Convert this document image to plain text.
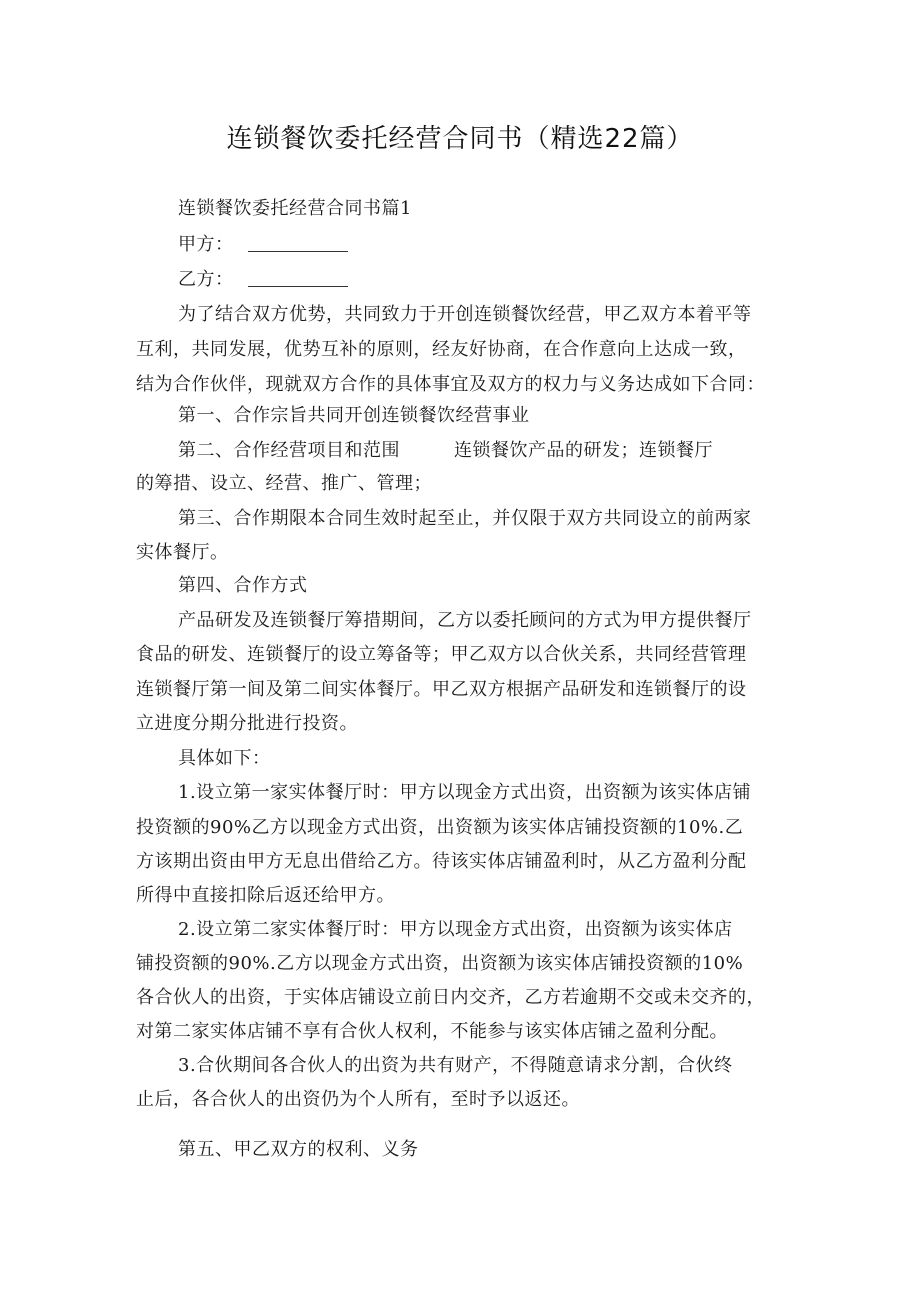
连锁餐饮委托经营合同书（精选22篇）
连锁餐饮委托经营合同书篇1
甲方：
乙方：
为了结合双方优势，共同致力于开创连锁餐饮经营，甲乙双方本着平等
互利，共同发展，优势互补的原则，经友好协商，在合作意向上达成一致，
结为合作伙伴，现就双方合作的具体事宜及双方的权力与义务达成如下合同：
第一、合作宗旨共同开创连锁餐饮经营事业
第二、合作经营项目和范围	连锁餐饮产品的研发；连锁餐厅
的筹措、设立、经营、推广、管理；
第三、合作期限本合同生效时起至止，并仅限于双方共同设立的前两家
实体餐厅。
第四、合作方式
产品研发及连锁餐厅筹措期间，乙方以委托顾问的方式为甲方提供餐厅
食品的研发、连锁餐厅的设立筹备等；甲乙双方以合伙关系，共同经营管理
连锁餐厅第一间及第二间实体餐厅。甲乙双方根据产品研发和连锁餐厅的设
立进度分期分批进行投资。
具体如下：
1.设立第一家实体餐厅时：甲方以现金方式出资，出资额为该实体店铺
投资额的90%乙方以现金方式出资，出资额为该实体店铺投资额的10%.乙
方该期出资由甲方无息出借给乙方。待该实体店铺盈利时，从乙方盈利分配
所得中直接扣除后返还给甲方。
2.设立第二家实体餐厅时：甲方以现金方式出资，出资额为该实体店
铺投资额的90%.乙方以现金方式出资，出资额为该实体店铺投资额的10%
各合伙人的出资，于实体店铺设立前日内交齐，乙方若逾期不交或未交齐的，
对第二家实体店铺不享有合伙人权利，不能参与该实体店铺之盈利分配。
3.合伙期间各合伙人的出资为共有财产，不得随意请求分割，合伙终
止后，各合伙人的出资仍为个人所有，至时予以返还。
第五、甲乙双方的权利、义务
